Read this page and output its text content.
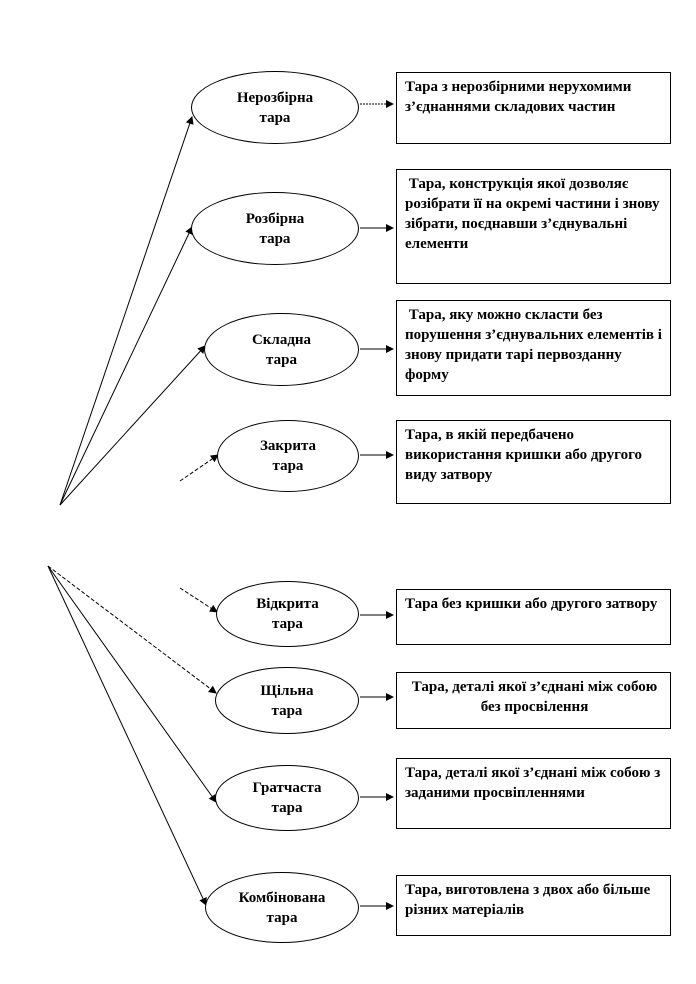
Нерозбірна
тара
Розбірна
тара
Складна
тара
Закрита
тара
Відкрита
тара
Щільна
тара
Гратчаста
тара
Комбінована
тара
Тара з нерозбірними нерухомими з’єднаннями складових частин
Тара, конструкція якої дозволяє розібрати її на окремі частини і знову зібрати, поєднавши з’єднувальні елементи
Тара, яку можно скласти без порушення з’єднувальних елементів і знову придати тарі первозданну форму
Тара, в якій передбачено використання кришки або другого виду затвору
Тара без кришки або другого затвору
Тара, деталі якої з’єднані між собою без просвілення
Тара, деталі якої з’єднані між собою з заданими просвіпленнями
Тара, виготовлена з двох або більше різних матеріалів
